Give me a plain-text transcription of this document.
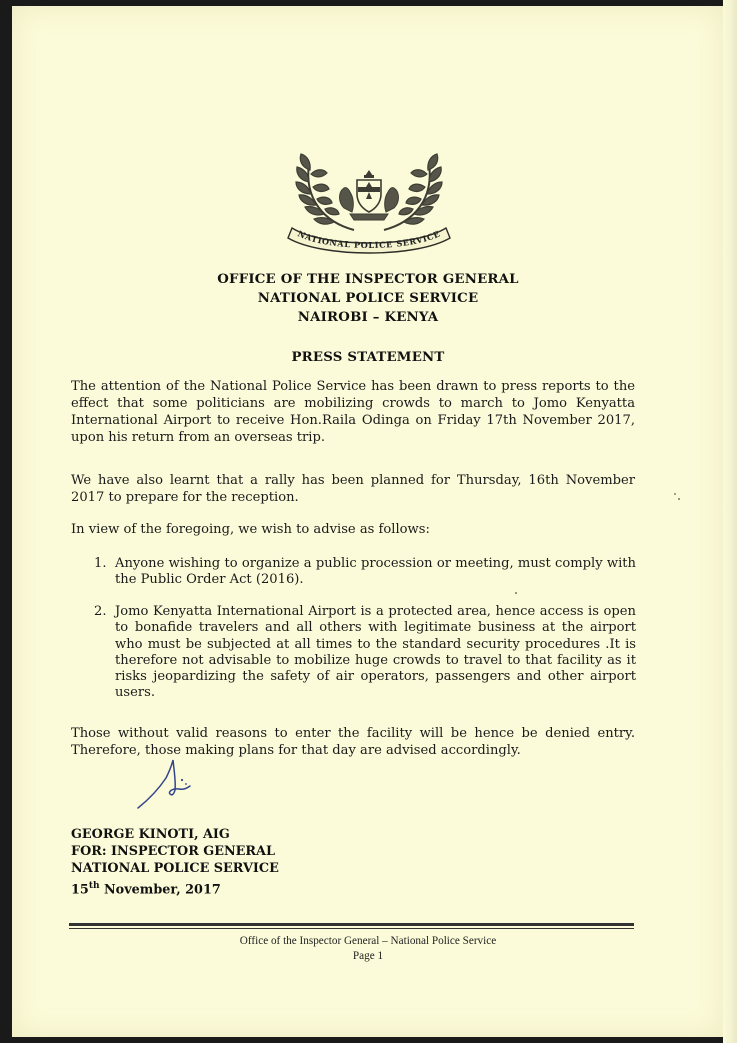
NATIONAL POLICE SERVICE
OFFICE OF THE INSPECTOR GENERAL
NATIONAL POLICE SERVICE
NAIROBI – KENYA
PRESS STATEMENT

The attention of the National Police Service has been drawn to press reports to the effect that some politicians are mobilizing crowds to march to Jomo Kenyatta International Airport to receive Hon.Raila Odinga on Friday 17th November 2017, upon his return from an overseas trip.

We have also learnt that a rally has been planned for Thursday, 16th November 2017 to prepare for the reception.

In view of the foregoing, we wish to advise as follows:

1. Anyone wishing to organize a public procession or meeting, must comply with the Public Order Act (2016).
2. Jomo Kenyatta International Airport is a protected area, hence access is open to bonafide travelers and all others with legitimate business at the airport who must be subjected at all times to the standard security procedures .It is therefore not advisable to mobilize huge crowds to travel to that facility as it risks jeopardizing the safety of air operators, passengers and other airport users.

Those without valid reasons to enter the facility will be hence be denied entry. Therefore, those making plans for that day are advised accordingly.

GEORGE KINOTI, AIG
FOR: INSPECTOR GENERAL
NATIONAL POLICE SERVICE
15th November, 2017
Office of the Inspector General – National Police Service
Page 1
